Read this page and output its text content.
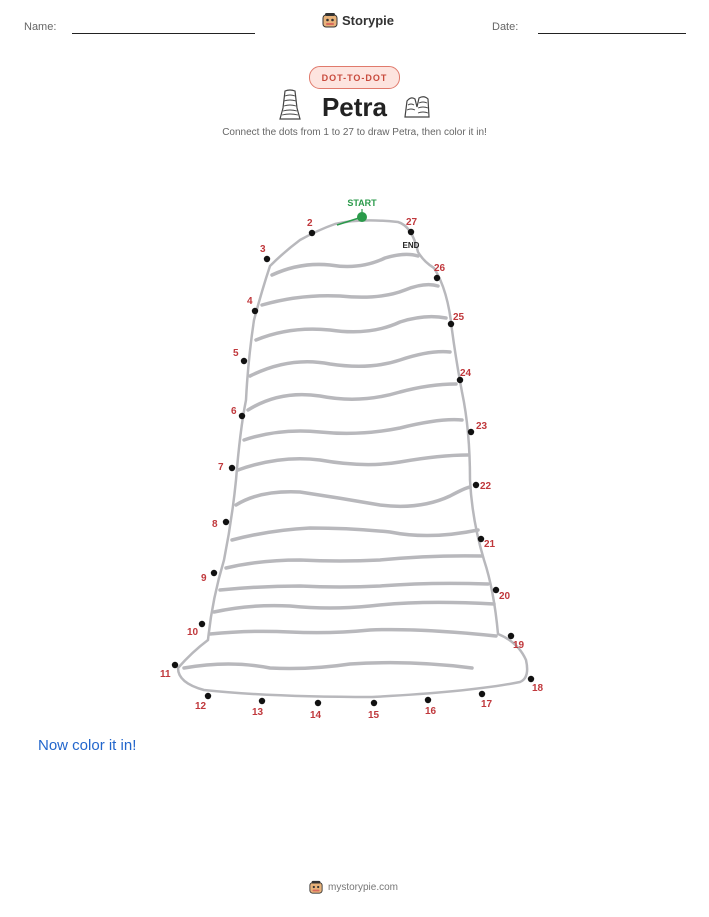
Name:	Storypie	Date:
DOT-TO-DOT
Petra
Connect the dots from 1 to 27 to draw Petra, then color it in!
START
END
2
3
4
5
6
7
8
9
10
11
12
13	14	15	16
17
18
19
20
21
22
23
24
25
26
27
Now color it in!
mystorypie.com
